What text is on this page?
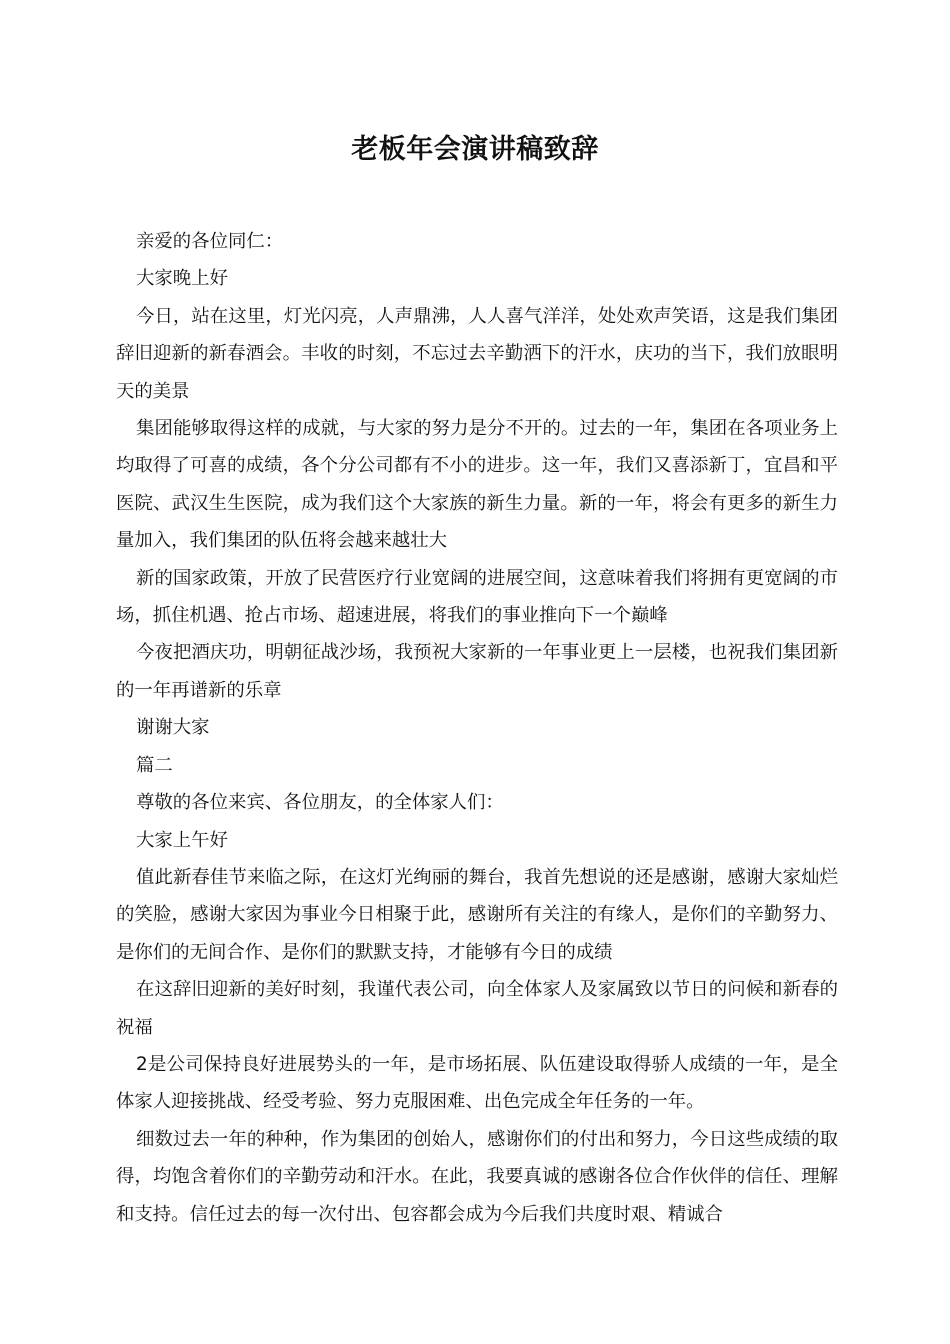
老板年会演讲稿致辞

亲爱的各位同仁：

大家晚上好

今日，站在这里，灯光闪亮，人声鼎沸，人人喜气洋洋，处处欢声笑语，这是我们集团辞旧迎新的新春酒会。丰收的时刻，不忘过去辛勤洒下的汗水，庆功的当下，我们放眼明天的美景

集团能够取得这样的成就，与大家的努力是分不开的。过去的一年，集团在各项业务上均取得了可喜的成绩，各个分公司都有不小的进步。这一年，我们又喜添新丁，宜昌和平医院、武汉生生医院，成为我们这个大家族的新生力量。新的一年，将会有更多的新生力量加入，我们集团的队伍将会越来越壮大

新的国家政策，开放了民营医疗行业宽阔的进展空间，这意味着我们将拥有更宽阔的市场，抓住机遇、抢占市场、超速进展，将我们的事业推向下一个巅峰

今夜把酒庆功，明朝征战沙场，我预祝大家新的一年事业更上一层楼，也祝我们集团新的一年再谱新的乐章

谢谢大家

篇二

尊敬的各位来宾、各位朋友，的全体家人们：

大家上午好

值此新春佳节来临之际，在这灯光绚丽的舞台，我首先想说的还是感谢，感谢大家灿烂的笑脸，感谢大家因为事业今日相聚于此，感谢所有关注的有缘人，是你们的辛勤努力、是你们的无间合作、是你们的默默支持，才能够有今日的成绩

在这辞旧迎新的美好时刻，我谨代表公司，向全体家人及家属致以节日的问候和新春的祝福

2是公司保持良好进展势头的一年，是市场拓展、队伍建设取得骄人成绩的一年，是全体家人迎接挑战、经受考验、努力克服困难、出色完成全年任务的一年。

细数过去一年的种种，作为集团的创始人，感谢你们的付出和努力，今日这些成绩的取得，均饱含着你们的辛勤劳动和汗水。在此，我要真诚的感谢各位合作伙伴的信任、理解和支持。信任过去的每一次付出、包容都会成为今后我们共度时艰、精诚合
